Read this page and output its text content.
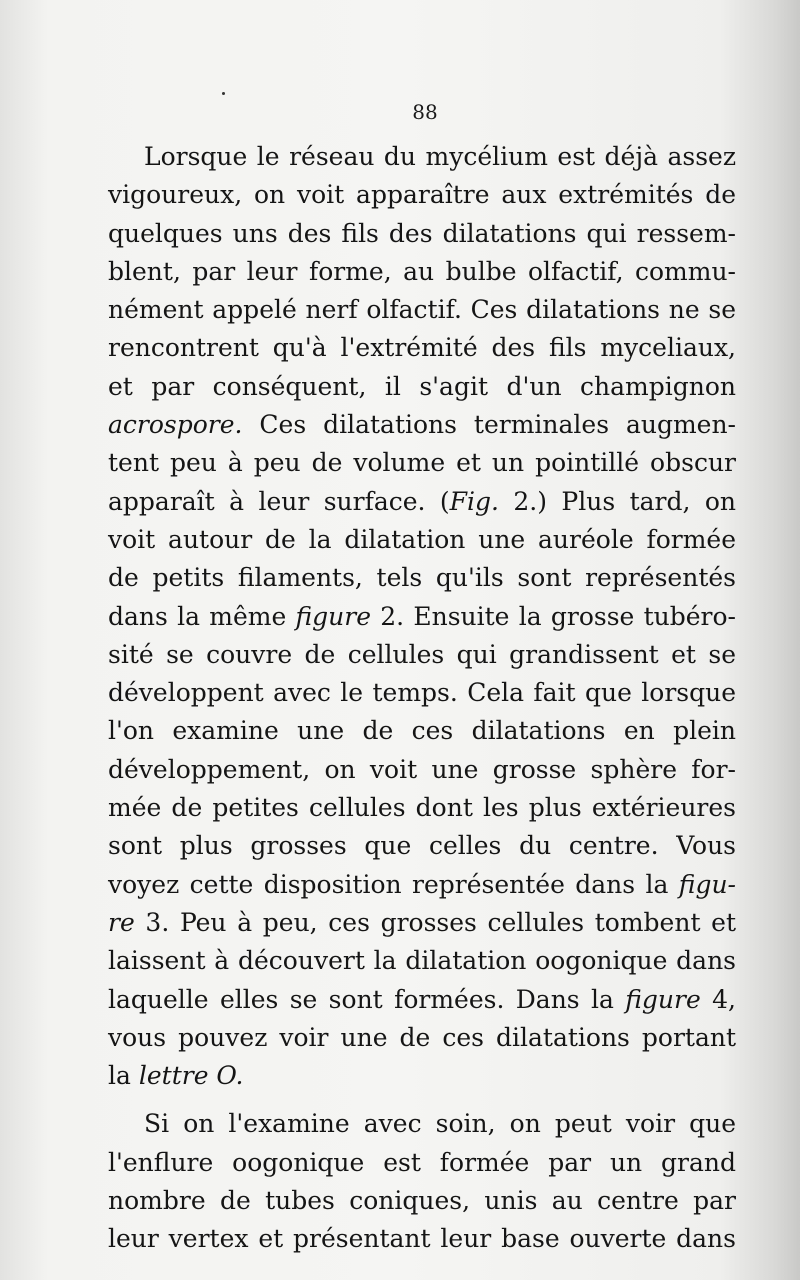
88
Lorsque le réseau du mycélium est déjà assez
vigoureux, on voit apparaître aux extrémités de
quelques uns des fils des dilatations qui ressem-
blent, par leur forme, au bulbe olfactif, commu-
nément appelé nerf olfactif. Ces dilatations ne se
rencontrent qu'à l'extrémité des fils myceliaux,
et par conséquent, il s'agit d'un champignon
acrospore. Ces dilatations terminales augmen-
tent peu à peu de volume et un pointillé obscur
apparaît à leur surface. (Fig. 2.) Plus tard, on
voit autour de la dilatation une auréole formée
de petits filaments, tels qu'ils sont représentés
dans la même figure 2. Ensuite la grosse tubéro-
sité se couvre de cellules qui grandissent et se
développent avec le temps. Cela fait que lorsque
l'on examine une de ces dilatations en plein
développement, on voit une grosse sphère for-
mée de petites cellules dont les plus extérieures
sont plus grosses que celles du centre. Vous
voyez cette disposition représentée dans la figu-
re 3. Peu à peu, ces grosses cellules tombent et
laissent à découvert la dilatation oogonique dans
laquelle elles se sont formées. Dans la figure 4,
vous pouvez voir une de ces dilatations portant
la lettre O.
Si on l'examine avec soin, on peut voir que
l'enflure oogonique est formée par un grand
nombre de tubes coniques, unis au centre par
leur vertex et présentant leur base ouverte dans
